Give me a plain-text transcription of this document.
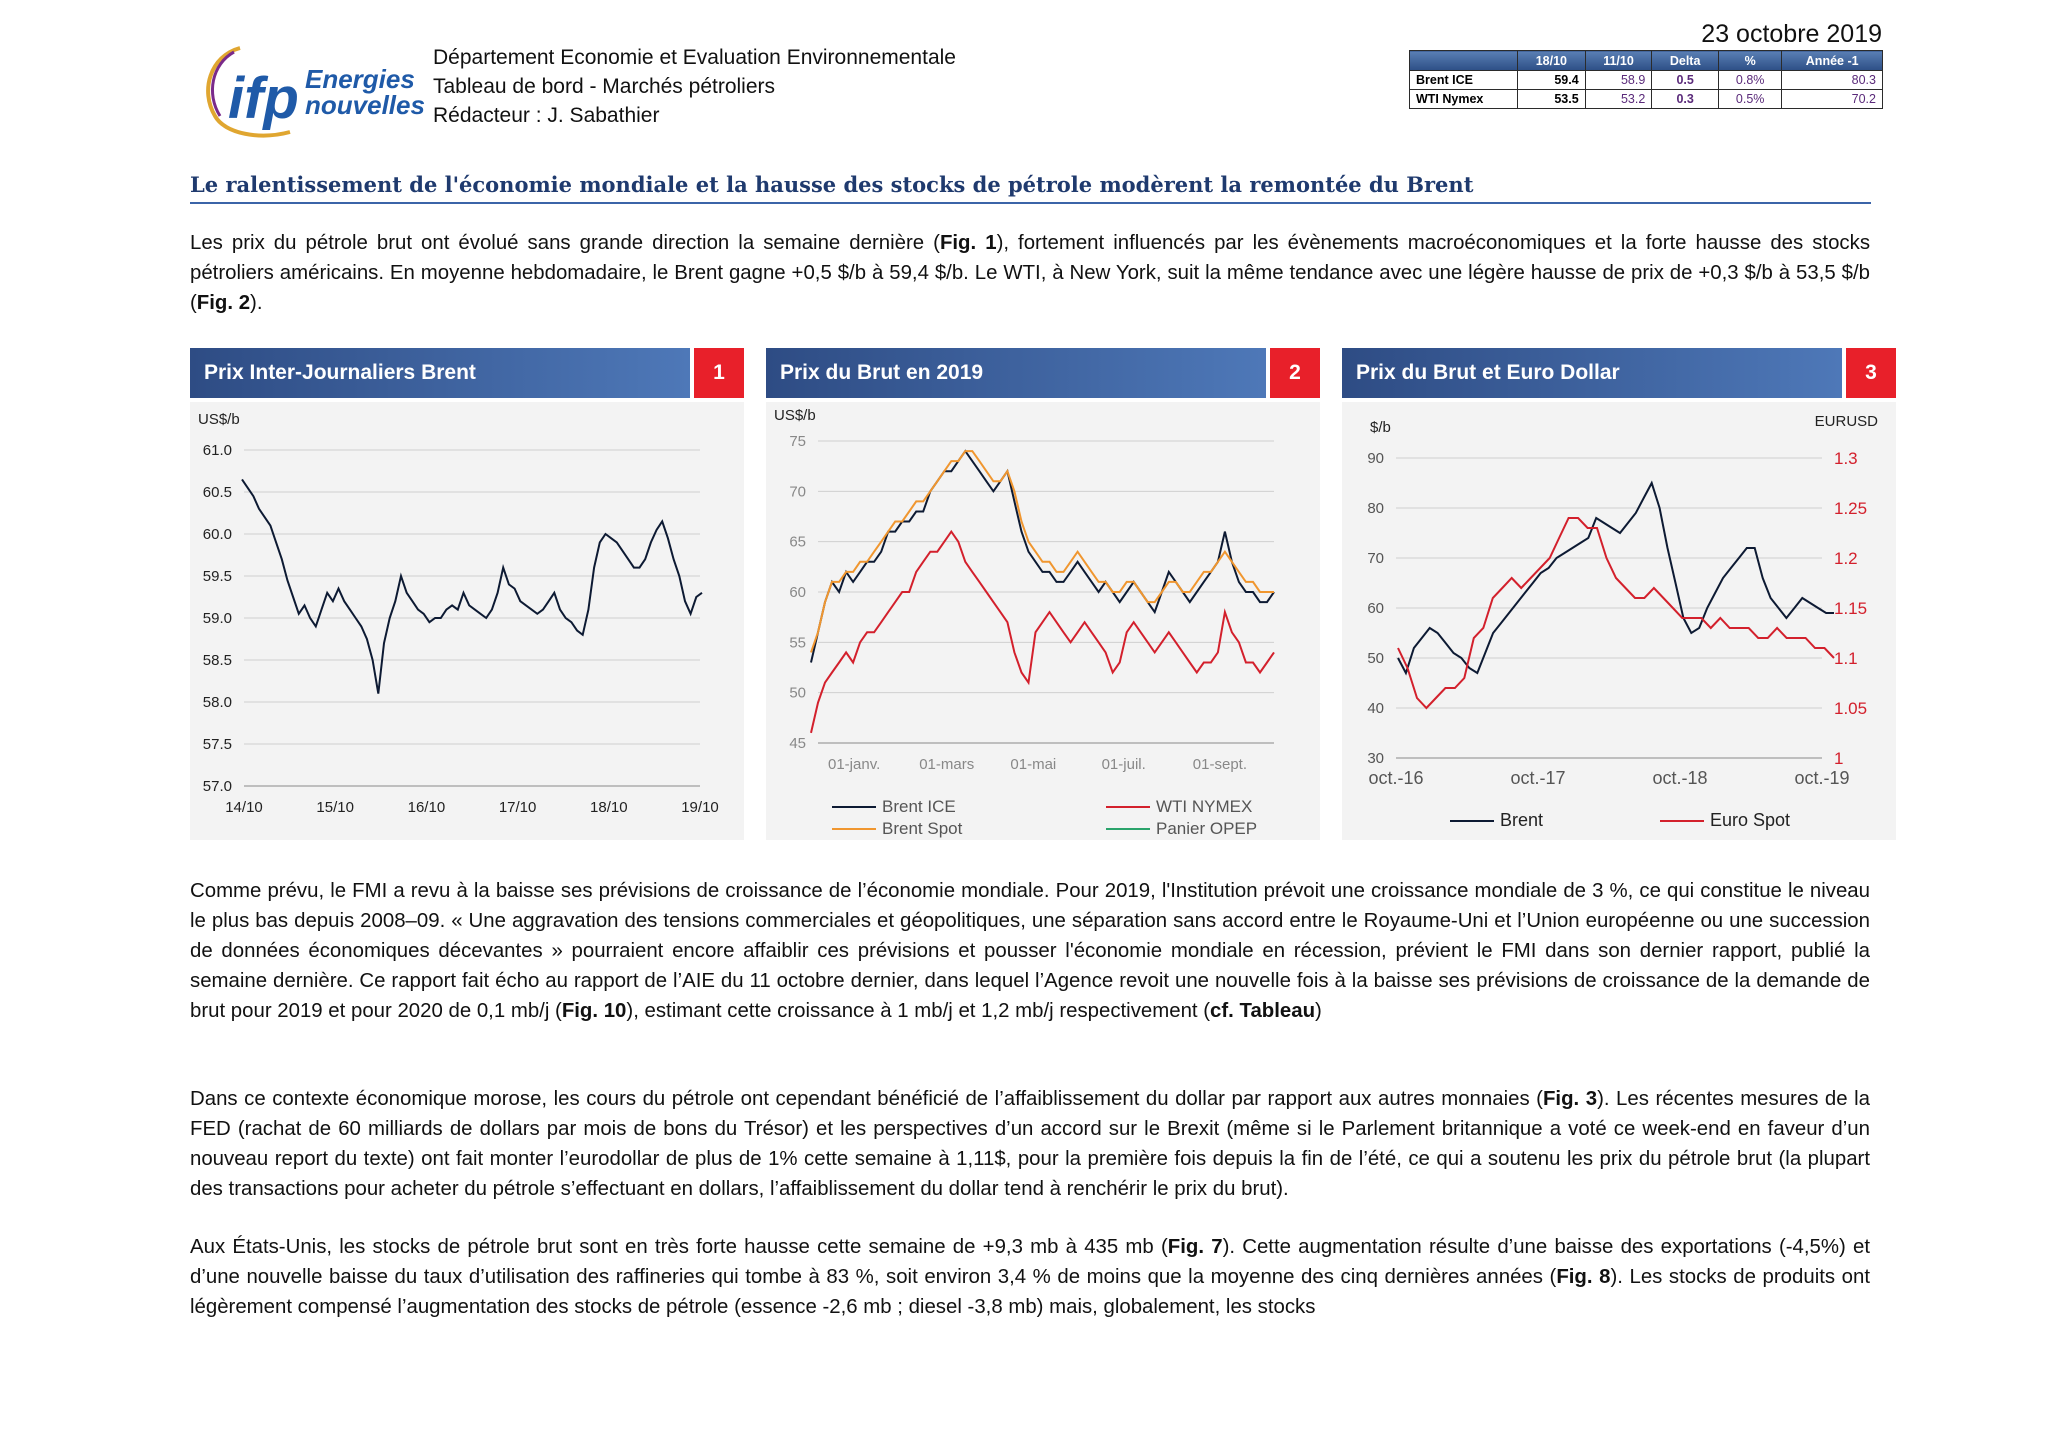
ifp Energies
nouvelles
Département Economie et Evaluation Environnementale
Tableau de bord - Marchés pétroliers
Rédacteur : J. Sabathier
23 octobre 2019
	18/10	11/10	Delta	%	Année -1
Brent ICE	59.4	58.9	0.5	0.8%	80.3
WTI Nymex	53.5	53.2	0.3	0.5%	70.2
Le ralentissement de l'économie mondiale et la hausse des stocks de pétrole modèrent la remontée du Brent
Les prix du pétrole brut ont évolué sans grande direction la semaine dernière (Fig. 1), fortement influencés par les évènements macroéconomiques et la forte hausse des stocks pétroliers américains. En moyenne hebdomadaire, le Brent gagne +0,5 $/b à 59,4 $/b. Le WTI, à New York, suit la même tendance avec une légère hausse de prix de +0,3 $/b à 53,5 $/b (Fig. 2).
Prix Inter-Journaliers Brent	1
61.0
60.5
60.0
59.5
59.0
58.5
58.0
57.5
57.0
14/10	15/10	16/10	17/10	18/10	19/10
US$/b
Prix du Brut en 2019	2
75
70
65
60
55
50
45
01-janv.	01-mars 01-mai	01-juil.	01-sept.
US$/b
Brent ICE	WTI NYMEX
Brent Spot	Panier OPEP
Prix du Brut et Euro Dollar	3
90
80
70
60
50
40
30
1.3
1.25
1.2
1.15
1.1
1.05
1
oct.-16	oct.-17	oct.-18	oct.-19
$/b	EURUSD
Brent	Euro Spot
Comme prévu, le FMI a revu à la baisse ses prévisions de croissance de l’économie mondiale. Pour 2019, l'Institution prévoit une croissance mondiale de 3 %, ce qui constitue le niveau le plus bas depuis 2008–09. « Une aggravation des tensions commerciales et géopolitiques, une séparation sans accord entre le Royaume-Uni et l’Union européenne ou une succession de données économiques décevantes » pourraient encore affaiblir ces prévisions et pousser l'économie mondiale en récession, prévient le FMI dans son dernier rapport, publié la semaine dernière. Ce rapport fait écho au rapport de l’AIE du 11 octobre dernier, dans lequel l’Agence revoit une nouvelle fois à la baisse ses prévisions de croissance de la demande de brut pour 2019 et pour 2020 de 0,1 mb/j (Fig. 10), estimant cette croissance à 1 mb/j et 1,2 mb/j respectivement (cf. Tableau)
Dans ce contexte économique morose, les cours du pétrole ont cependant bénéficié de l’affaiblissement du dollar par rapport aux autres monnaies (Fig. 3). Les récentes mesures de la FED (rachat de 60 milliards de dollars par mois de bons du Trésor) et les perspectives d’un accord sur le Brexit (même si le Parlement britannique a voté ce week-end en faveur d’un nouveau report du texte) ont fait monter l’eurodollar de plus de 1% cette semaine à 1,11$, pour la première fois depuis la fin de l’été, ce qui a soutenu les prix du pétrole brut (la plupart des transactions pour acheter du pétrole s’effectuant en dollars, l’affaiblissement du dollar tend à renchérir le prix du brut).
Aux États-Unis, les stocks de pétrole brut sont en très forte hausse cette semaine de +9,3 mb à 435 mb (Fig. 7). Cette augmentation résulte d’une baisse des exportations (-4,5%) et d’une nouvelle baisse du taux d’utilisation des raffineries qui tombe à 83 %, soit environ 3,4 % de moins que la moyenne des cinq dernières années (Fig. 8). Les stocks de produits ont légèrement compensé l’augmentation des stocks de pétrole (essence -2,6 mb ; diesel -3,8 mb) mais, globalement, les stocks
